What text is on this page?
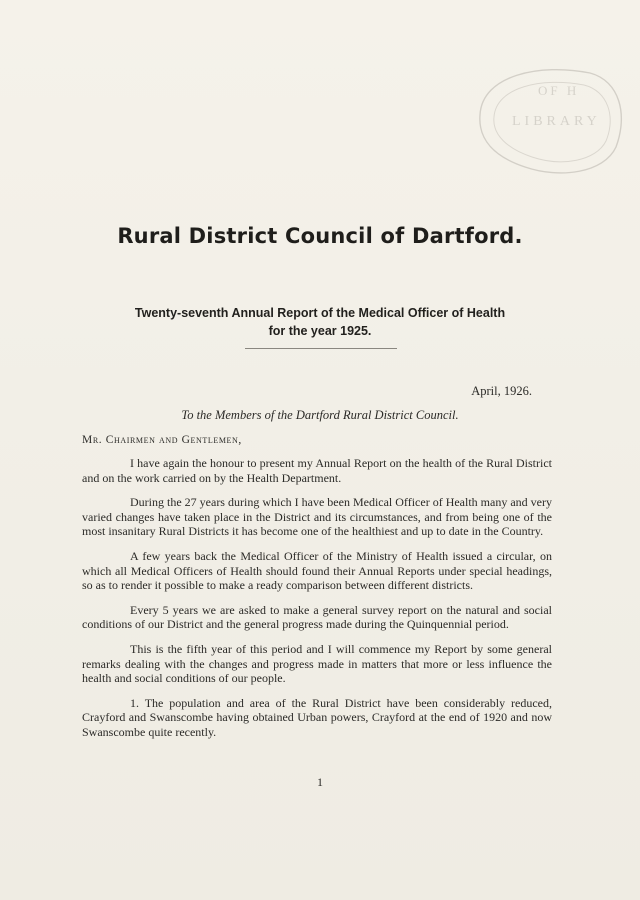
OF H
LIBRARY
Rural District Council of Dartford.
Twenty-seventh Annual Report of the Medical Officer of Health
for the year 1925.
April, 1926.
To the Members of the Dartford Rural District Council.
Mr. Chairmen and Gentlemen,

I have again the honour to present my Annual Report on the health of the Rural District and on the work carried on by the Health Department.

During the 27 years during which I have been Medical Officer of Health many and very varied changes have taken place in the District and its circumstances, and from being one of the most insanitary Rural Districts it has become one of the healthiest and up to date in the Country.

A few years back the Medical Officer of the Ministry of Health issued a circular, on which all Medical Officers of Health should found their Annual Reports under special headings, so as to render it possible to make a ready comparison between different districts.

Every 5 years we are asked to make a general survey report on the natural and social conditions of our District and the general progress made during the Quinquennial period.

This is the fifth year of this period and I will commence my Report by some general remarks dealing with the changes and progress made in matters that more or less influence the health and social conditions of our people.

1. The population and area of the Rural District have been considerably reduced, Crayford and Swanscombe having obtained Urban powers, Crayford at the end of 1920 and now Swanscombe quite recently.

1
